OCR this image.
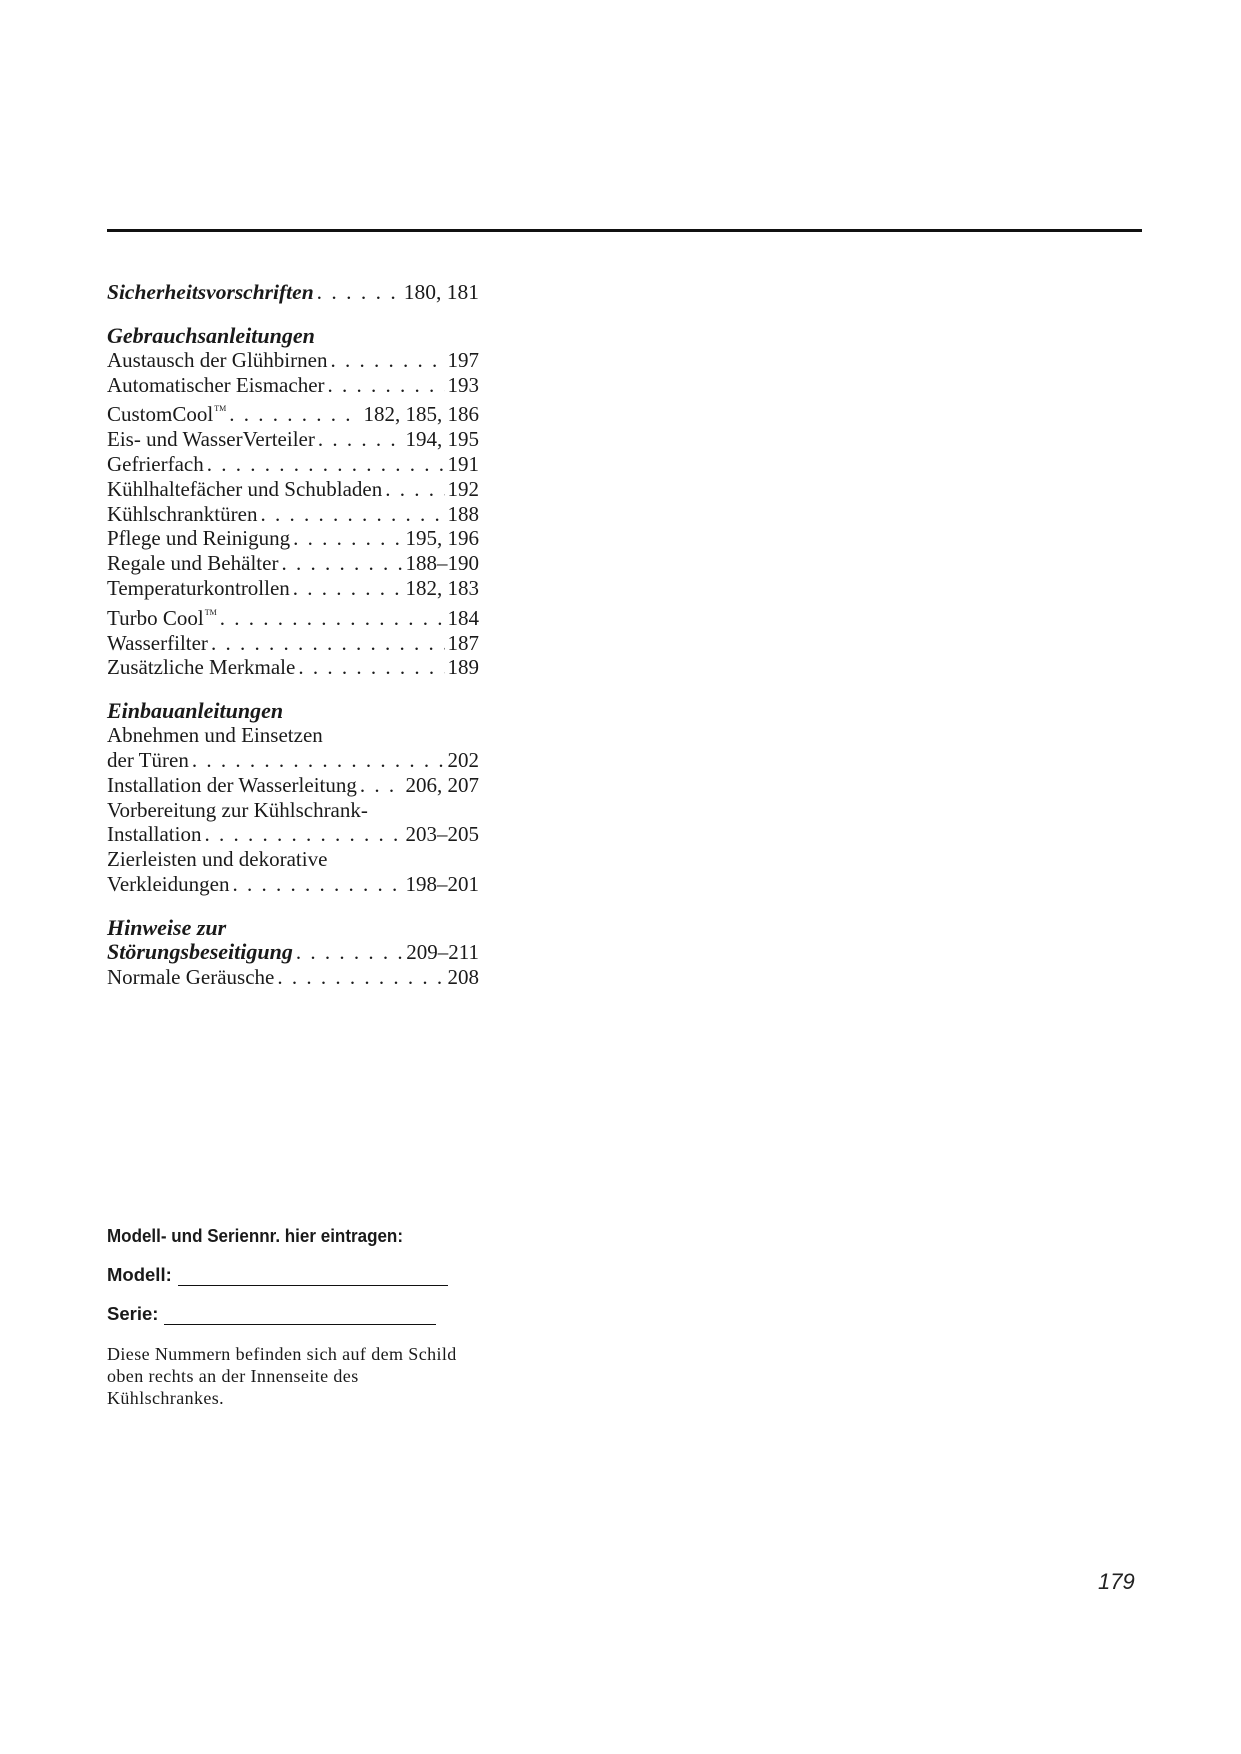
Sicherheitsvorschriften . . .	180, 181
Gebrauchsanleitungen
Austausch der Glühbirnen . . .	197
Automatischer Eismacher . . .	193
CustomCool™ . . .	182, 185, 186
Eis- und WasserVerteiler . . .	194, 195
Gefrierfach . . .	191
Kühlhaltefächer und Schubladen . . .	192
Kühlschranktüren . . .	188
Pflege und Reinigung . . .	195, 196
Regale und Behälter . . .	188–190
Temperaturkontrollen . . .	182, 183
Turbo Cool™ . . .	184
Wasserfilter . . .	187
Zusätzliche Merkmale . . .	189
Einbauanleitungen
Abnehmen und Einsetzen
der Türen . . .	202
Installation der Wasserleitung . . . 206, 207
Vorbereitung zur Kühlschrank-
Installation . . .	203–205
Zierleisten und dekorative
Verkleidungen . . .	198–201
Hinweise zur
Störungsbeseitigung . . .	209–211
Normale Geräusche . . .	208
Modell- und Seriennr. hier eintragen:
Modell:
Serie:
Diese Nummern befinden sich auf dem Schild oben rechts an der Innenseite des Kühlschrankes.
179
